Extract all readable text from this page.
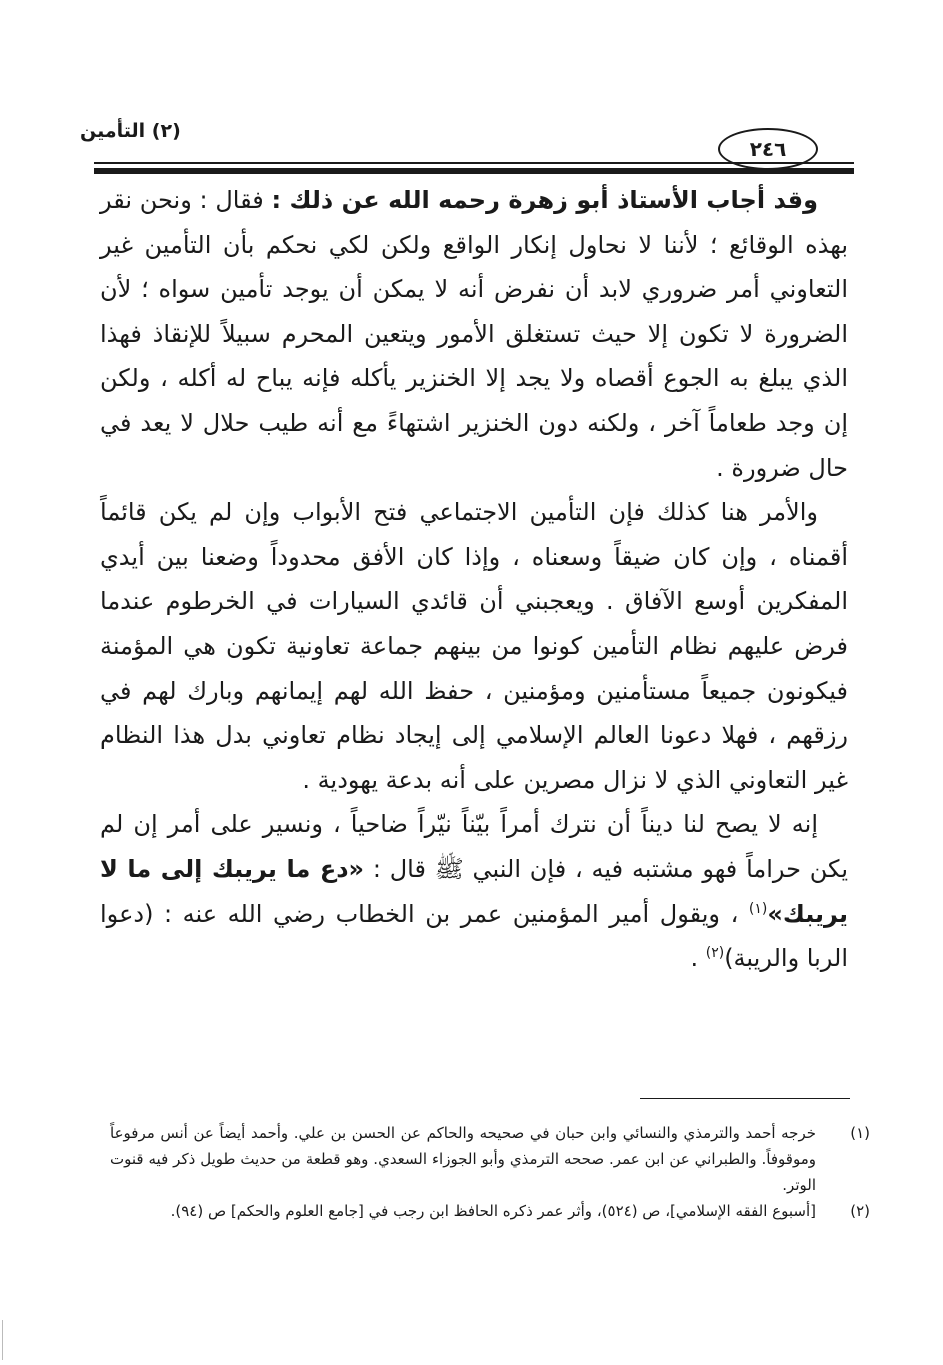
(٢) التأمين
٢٤٦

وقد أجاب الأستاذ أبو زهرة رحمه الله عن ذلك : فقال : ونحن نقر بهذه الوقائع ؛ لأننا لا نحاول إنكار الواقع ولكن لكي نحكم بأن التأمين غير التعاوني أمر ضروري لابد أن نفرض أنه لا يمكن أن يوجد تأمين سواه ؛ لأن الضرورة لا تكون إلا حيث تستغلق الأمور ويتعين المحرم سبيلاً للإنقاذ فهذا الذي يبلغ به الجوع أقصاه ولا يجد إلا الخنزير يأكله فإنه يباح له أكله ، ولكن إن وجد طعاماً آخر ، ولكنه دون الخنزير اشتهاءً مع أنه طيب حلال لا يعد في حال ضرورة .

والأمر هنا كذلك فإن التأمين الاجتماعي فتح الأبواب وإن لم يكن قائماً أقمناه ، وإن كان ضيقاً وسعناه ، وإذا كان الأفق محدوداً وضعنا بين أيدي المفكرين أوسع الآفاق . ويعجبني أن قائدي السيارات في الخرطوم عندما فرض عليهم نظام التأمين كونوا من بينهم جماعة تعاونية تكون هي المؤمنة فيكونون جميعاً مستأمنين ومؤمنين ، حفظ الله لهم إيمانهم وبارك لهم في رزقهم ، فهلا دعونا العالم الإسلامي إلى إيجاد نظام تعاوني بدل هذا النظام غير التعاوني الذي لا نزال مصرين على أنه بدعة يهودية .

إنه لا يصح لنا ديناً أن نترك أمراً بيّناً نيّراً ضاحياً ، ونسير على أمر إن لم يكن حراماً فهو مشتبه فيه ، فإن النبي ﷺ قال : «دع ما يريبك إلى ما لا يريبك»$^{(١)}$ ، ويقول أمير المؤمنين عمر بن الخطاب رضي الله عنه : (دعوا الربا والريبة)$^{(٢)}$ .

(١)
خرجه أحمد والترمذي والنسائي وابن حبان في صحيحه والحاكم عن الحسن بن علي. وأحمد أيضاً عن أنس مرفوعاً وموقوفاً. والطبراني عن ابن عمر. صححه الترمذي وأبو الجوزاء السعدي. وهو قطعة من حديث طويل ذكر فيه قنوت الوتر.
(٢)
[أسبوع الفقه الإسلامي]، ص (٥٢٤)، وأثر عمر ذكره الحافظ ابن رجب في [جامع العلوم والحكم] ص (٩٤).
